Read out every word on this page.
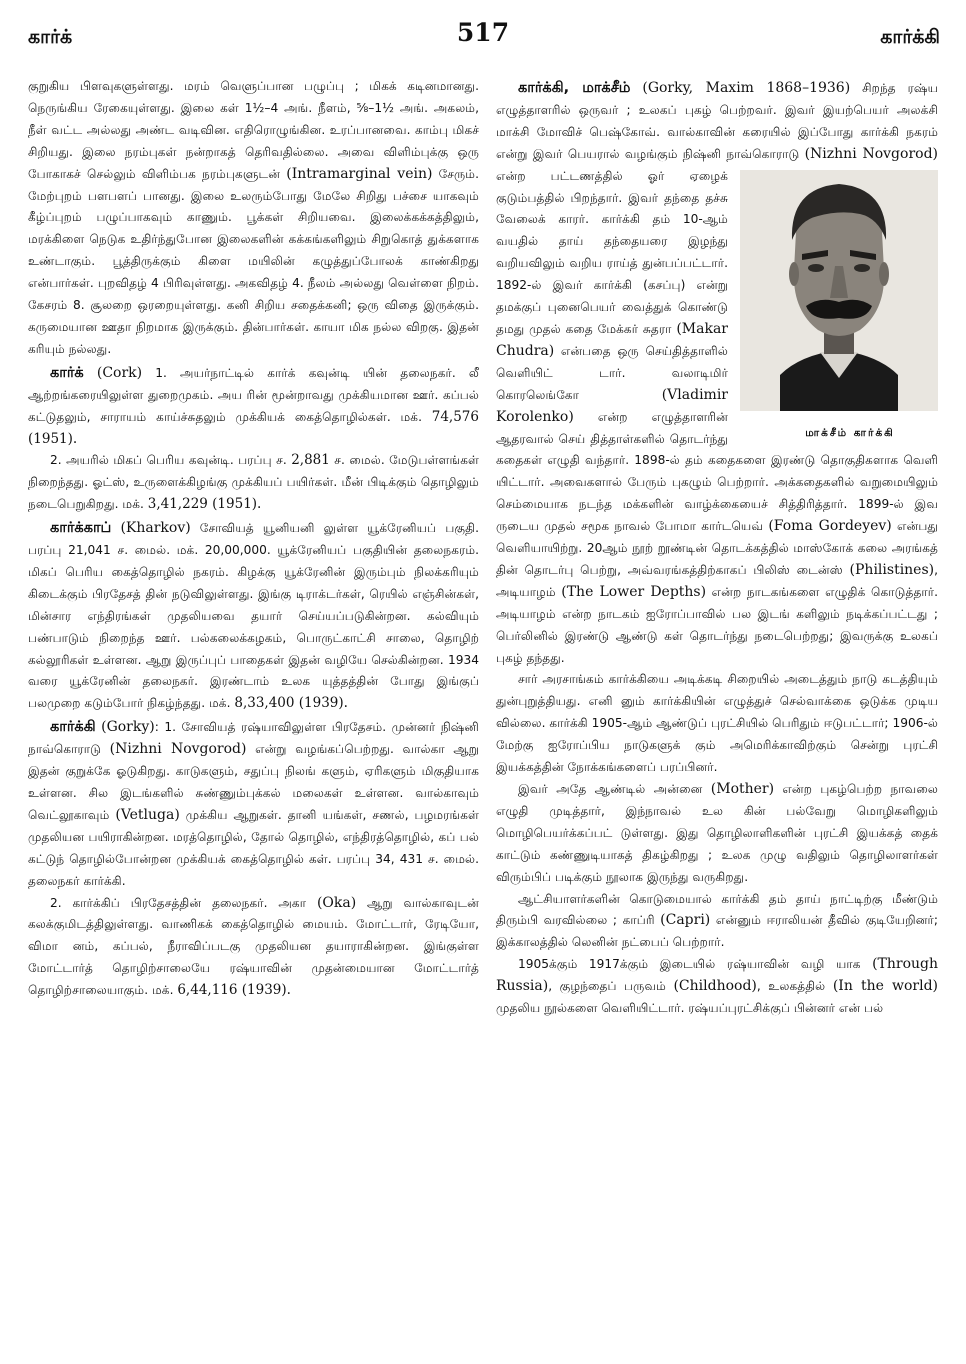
கார்க்	517	கார்க்கி

குறுகிய பிளவுகளுள்ளது. மரம் வெளுப்பான பழுப்பு ; மிகக் கடினமானது. நெருங்கிய ரேகையுள்ளது. இலை கள் 1½–4 அங். நீளம், ⅝–1½ அங். அகலம், நீள் வட்ட அல்லது அண்ட வடிவின. எதிரொழுங்கின. உரப்பானவை. காம்பு மிகச் சிறியது. இலை நரம்புகள் நன்றாகத் தெரிவதில்லை. அவை விளிம்புக்கு ஒரு போகாகச் செல்லும் விளிம்பக நரம்புகளுடன் (Intramarginal vein) சேரும். மேற்புறம் பளபளப் பானது. இலை உலரும்போது மேலே சிறிது பச்சை யாகவும் கீழ்ப்புறம் பழுப்பாகவும் காணும். பூக்கள் சிறியவை. இலைக்கக்கத்திலும், மரக்கிளை நெடுக உதிர்ந்துபோன இலைகளின் கக்கங்களிலும் சிறுகொத் துக்களாக உண்டாகும். பூத்திருக்கும் கிளை மயிலின் கழுத்துப்போலக் காண்கிறது என்பார்கள். புறவிதழ் 4 பிரிவுள்ளது. அகவிதழ் 4. நீலம் அல்லது வெள்ளை நிறம். கேசரம் 8. சூலறை ஒரறையுள்ளது. கனி சிறிய சதைக்கனி; ஒரு விதை இருக்கும். கருமையான ஊதா நிறமாக இருக்கும். தின்பார்கள். காயா மிக நல்ல விறகு. இதன் கரியும் நல்லது.

கார்க் (Cork) 1. அயர்நாட்டில் கார்க் கவுன்டி யின் தலைநகர். லீ ஆற்றங்கரையிலுள்ள துறைமுகம். அய ரின் மூன்றாவது முக்கியமான ஊர். கப்பல் கட்டுதலும், சாராயம் காய்ச்சுதலும் முக்கியக் கைத்தொழில்கள். மக். 74,576 (1951).

2. அயரில் மிகப் பெரிய கவுன்டி. பரப்பு ச. 2,881 ச. மைல். மேடுபள்ளங்கள் நிறைந்தது. ஓட்ஸ், உருளைக்கிழங்கு முக்கியப் பயிர்கள். மீன் பிடிக்கும் தொழிலும் நடைபெறுகிறது. மக். 3,41,229 (1951).

கார்க்காப் (Kharkov) சோவியத் யூனியனி லுள்ள யூக்ரேனியப் பகுதி. பரப்பு 21,041 ச. மைல். மக். 20,00,000. யூக்ரேனியப் பகுதியின் தலைநகரம். மிகப் பெரிய கைத்தொழில் நகரம். கிழக்கு யூக்ரேனின் இரும்பும் நிலக்கரியும் கிடைக்கும் பிரதேசத் தின் நடுவிலுள்ளது. இங்கு டிராக்டர்கள், ரெயில் எஞ்சின்கள், மின்சார எந்திரங்கள் முதலியவை தயார் செய்யப்படுகின்றன. கல்வியும் பண்பாடும் நிறைந்த ஊர். பல்கலைக்கழகம், பொருட்காட்சி சாலை, தொழிற் கல்லூரிகள் உள்ளன. ஆறு இருப்புப் பாதைகள் இதன் வழியே செல்கின்றன. 1934 வரை யூக்ரேனின் தலைநகர். இரண்டாம் உலக யுத்தத்தின் போது இங்குப் பலமுறை கடும்போர் நிகழ்ந்தது. மக். 8,33,400 (1939).

கார்க்கி (Gorky): 1. சோவியத் ரஷ்யாவிலுள்ள பிரதேசம். முன்னர் நிஷ்னி நாவ்கொராடு (Nizhni Novgorod) என்று வழங்கப்பெற்றது. வால்கா ஆறு இதன் குறுக்கே ஓடுகிறது. காடுகளும், சதுப்பு நிலங் களும், ஏரிகளும் மிகுதியாக உள்ளன. சில இடங்களில் சுண்ணும்புக்கல் மலைகள் உள்ளன. வால்காவும் வெட்லூகாவும் (Vetluga) முக்கிய ஆறுகள். தானி யங்கள், சணல், பழமரங்கள் முதலியன பயிராகின்றன. மரத்தொழில், தோல் தொழில், எந்திரத்தொழில், கப் பல் கட்டுந் தொழில்போன்றன முக்கியக் கைத்தொழில் கள். பரப்பு 34, 431 ச. மைல். தலைநகர் கார்க்கி.

2. கார்க்கிப் பிரதேசத்தின் தலைநகர். அகா (Oka) ஆறு வால்காவுடன் கலக்குமிடத்திலுள்ளது. வாணிகக் கைத்தொழில் மையம். மோட்டார், ரேடியோ, விமா னம், கப்பல், நீராவிப்படகு முதலியன தயாராகின்றன. இங்குள்ள மோட்டார்த் தொழிற்சாலையே ரஷ்யாவின் முதன்மையான மோட்டார்த் தொழிற்சாலையாகும். மக். 6,44,116 (1939).

கார்க்கி, மாக்சீம் (Gorky, Maxim 1868–1936) சிறந்த ரஷ்ய எழுத்தாளரில் ஒருவர் ; உலகப் புகழ் பெற்றவர். இவர் இயற்பெயர் அலக்சி மாக்சி மோவிச் பெஷ்கோவ். வால்காவின் கரையில் இப்போது கார்க்கி நகரம் என்று இவர் பெயரால் வழங்கும் நிஷ்னி நாவ்கொராடு (Nizhni Novgorod)
மாக்சீம் கார்க்கி
என்ற பட்டணத்தில் ஓர் ஏழைக் குடும்பத்தில் பிறந்தார். இவர் தந்தை தச்சு வேலைக் காரர். கார்க்கி தம் 10-ஆம் வயதில் தாய் தந்தையரை இழந்து வறியவிலும் வறிய ராய்த் துன்பப்பட்டார். 1892-ல் இவர் கார்க்கி (கசப்பு) என்று தமக்குப் புனைபெயர் வைத்துக் கொண்டு தமது முதல் கதை மேக்கர் சுதரா (Makar Chudra) என்பதை ஒரு செய்தித்தாளில் வெளியிட் டார். வலாடிமிர் கொரலெங்கோ (Vladimir Korolenko) என்ற எழுத்தாளரின் ஆதரவால் செய் தித்தாள்களில் தொடர்ந்து கதைகள் எழுதி வந்தார். 1898-ல் தம் கதைகளை இரண்டு தொகுதிகளாக வெளி யிட்டார். அவைகளால் பேரும் புகழும் பெற்றார். அக்கதைகளில் வறுமையிலும் செம்மையாக நடந்த மக்களின் வாழ்க்கையைச் சித்திரித்தார். 1899-ல் இவ ருடைய முதல் சமூக நாவல் போமா கார்டயெவ் (Foma Gordeyev) என்பது வெளியாயிற்று. 20ஆம் நூற் றூண்டின் தொடக்கத்தில் மாஸ்கோக் கலை அரங்கத் தின் தொடர்பு பெற்று, அவ்வரங்கத்திற்காகப் பிலிஸ் டைன்ஸ் (Philistines), அடியாழம் (The Lower Depths) என்ற நாடகங்களை எழுதிக் கொடுத்தார். அடியாழம் என்ற நாடகம் ஐரோப்பாவில் பல இடங் களிலும் நடிக்கப்பட்டது ; பெர்லினில் இரண்டு ஆண்டு கள் தொடர்ந்து நடைபெற்றது; இவருக்கு உலகப் புகழ் தந்தது.

சார் அரசாங்கம் கார்க்கியை அடிக்கடி சிறையில் அடைத்தும் நாடு கடத்தியும் துன்புறுத்தியது. எனி னும் கார்க்கியின் எழுத்துச் செல்வாக்கை ஒடுக்க முடிய வில்லை. கார்க்கி 1905-ஆம் ஆண்டுப் புரட்சியில் பெரிதும் ஈடுபட்டார்; 1906-ல் மேற்கு ஐரோப்பிய நாடுகளுக் கும் அமெரிக்காவிற்கும் சென்று புரட்சி இயக்கத்தின் நோக்கங்களைப் பரப்பினர்.

இவர் அதே ஆண்டில் அன்னை (Mother) என்ற புகழ்பெற்ற நாவலை எழுதி முடித்தார், இந்நாவல் உல கின் பல்வேறு மொழிகளிலும் மொழிபெயர்க்கப்பட் டுள்ளது. இது தொழிலாளிகளின் புரட்சி இயக்கத் தைக் காட்டும் கண்ணுடியாகத் திகழ்கிறது ; உலக முழு வதிலும் தொழிலாளர்கள் விரும்பிப் படிக்கும் நூலாக இருந்து வருகிறது.

ஆட்சியாளர்களின் கொடுமையால் கார்க்கி தம் தாய் நாட்டிற்கு மீண்டும் திரும்பி வரவில்லை ; காப்ரி (Capri) என்னும் ஈராலியன் தீவில் குடியேறினர்; இக்காலத்தில் லெனின் நட்பைப் பெற்றார்.

1905க்கும் 1917க்கும் இடையில் ரஷ்யாவின் வழி யாக (Through Russia), குழந்தைப் பருவம் (Childhood), உலகத்தில் (In the world) முதலிய நூல்களை வெளியிட்டார். ரஷ்யப்புரட்சிக்குப் பின்னர் என் பல்
